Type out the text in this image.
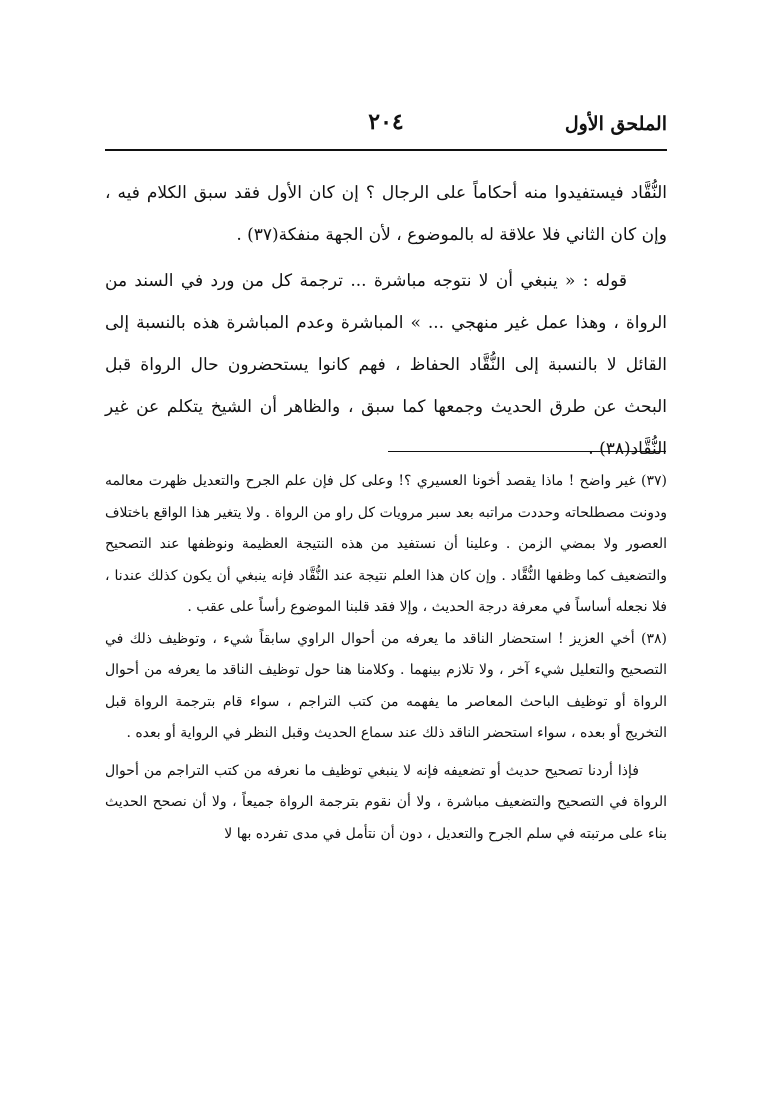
الملحق الأول
٢٠٤

النُّقَّاد فيستفيدوا منه أحكاماً على الرجال ؟ إن كان الأول فقد سبق الكلام فيه ، وإن كان الثاني فلا علاقة له بالموضوع ، لأن الجهة منفكة(٣٧) .

قوله : « ينبغي أن لا نتوجه مباشرة ... ترجمة كل من ورد في السند من الرواة ، وهذا عمل غير منهجي ... » المباشرة وعدم المباشرة هذه بالنسبة إلى القائل لا بالنسبة إلى النُّقَّاد الحفاظ ، فهم كانوا يستحضرون حال الرواة قبل البحث عن طرق الحديث وجمعها كما سبق ، والظاهر أن الشيخ يتكلم عن غير النُّقَّاد(٣٨) .

(٣٧) غير واضح ! ماذا يقصد أخونا العسيري ؟! وعلى كل فإن علم الجرح والتعديل ظهرت معالمه ودونت مصطلحاته وحددت مراتبه بعد سبر مرويات كل راو من الرواة . ولا يتغير هذا الواقع باختلاف العصور ولا بمضي الزمن . وعلينا أن نستفيد من هذه النتيجة العظيمة ونوظفها عند التصحيح والتضعيف كما وظفها النُّقَّاد . وإن كان هذا العلم نتيجة عند النُّقَّاد فإنه ينبغي أن يكون كذلك عندنا ، فلا نجعله أساساً في معرفة درجة الحديث ، وإلا فقد قلبنا الموضوع رأساً على عقب .

(٣٨) أخي العزيز ! استحضار الناقد ما يعرفه من أحوال الراوي سابقاً شيء ، وتوظيف ذلك في التصحيح والتعليل شيء آخر ، ولا تلازم بينهما . وكلامنا هنا حول توظيف الناقد ما يعرفه من أحوال الرواة أو توظيف الباحث المعاصر ما يفهمه من كتب التراجم ، سواء قام بترجمة الرواة قبل التخريج أو بعده ، سواء استحضر الناقد ذلك عند سماع الحديث وقبل النظر في الرواية أو بعده .

فإذا أردنا تصحيح حديث أو تضعيفه فإنه لا ينبغي توظيف ما نعرفه من كتب التراجم من أحوال الرواة في التصحيح والتضعيف مباشرة ، ولا أن نقوم بترجمة الرواة جميعاً ، ولا أن نصحح الحديث بناء على مرتبته في سلم الجرح والتعديل ، دون أن نتأمل في مدى تفرده بها لا
